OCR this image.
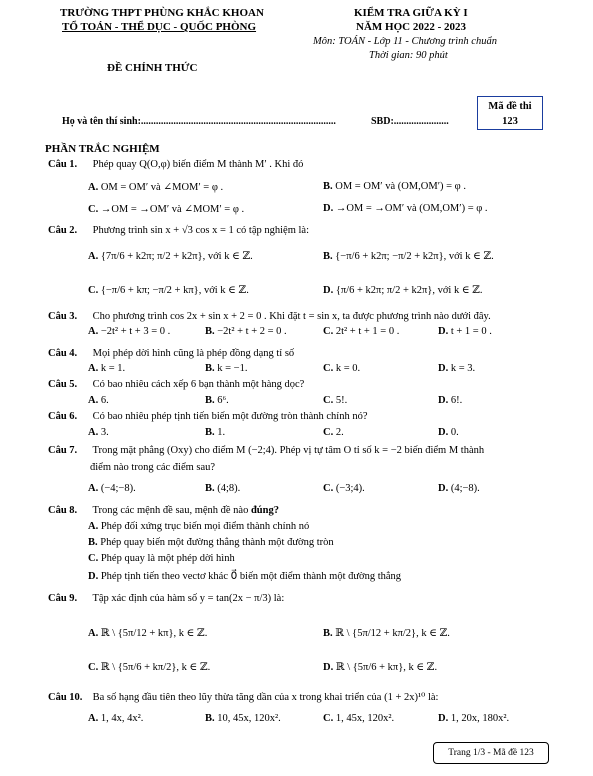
TRƯỜNG THPT PHÙNG KHẮC KHOAN
TỔ TOÁN - THỂ DỤC - QUỐC PHÒNG
ĐỀ CHÍNH THỨC
KIỂM TRA GIỮA KỲ I
NĂM HỌC 2022 - 2023
Môn: TOÁN - Lớp 11 - Chương trình chuẩn
Thời gian: 90 phút
Mã đề thi
123
Họ và tên thí sinh:..............................................................................	SBD:......................
PHẦN TRẮC NGHIỆM
Câu 1. Phép quay Q(O,φ) biến điểm M thành M′ . Khi đó
A. OM = OM′ và ∠MOM′ = φ .	B. OM = OM′ và (OM,OM′) = φ .
C. →OM = →OM′ và ∠MOM′ = φ .	D. →OM = →OM′ và (OM,OM′) = φ .
Câu 2. Phương trình sin x + √3 cos x = 1 có tập nghiệm là:
A. {7π/6 + k2π; π/2 + k2π}, với k ∈ ℤ.	B. {−π/6 + k2π; −π/2 + k2π}, với k ∈ ℤ.
C. {−π/6 + kπ; −π/2 + kπ}, với k ∈ ℤ.	D. {π/6 + k2π; π/2 + k2π}, với k ∈ ℤ.
Câu 3. Cho phương trình cos 2x + sin x + 2 = 0 . Khi đặt t = sin x, ta được phương trình nào dưới đây.
A. −2t² + t + 3 = 0 .	B. −2t² + t + 2 = 0 .	C. 2t² + t + 1 = 0 .	D. t + 1 = 0 .
Câu 4. Mọi phép dời hình cũng là phép đồng dạng tỉ số
A. k = 1.	B. k = −1.	C. k = 0.	D. k = 3.
Câu 5. Có bao nhiêu cách xếp 6 bạn thành một hàng dọc?
A. 6.	B. 6⁶.	C. 5!.	D. 6!.
Câu 6. Có bao nhiêu phép tịnh tiến biến một đường tròn thành chính nó?
A. 3.	B. 1.	C. 2.	D. 0.
Câu 7. Trong mặt phẳng (Oxy) cho điểm M (−2;4). Phép vị tự tâm O tỉ số k = −2 biến điểm M thành
điểm nào trong các điểm sau?
A. (−4;−8).	B. (4;8).	C. (−3;4).	D. (4;−8).
Câu 8. Trong các mệnh đề sau, mệnh đề nào đúng?
A. Phép đối xứng trục biến mọi điểm thành chính nó
B. Phép quay biến một đường thẳng thành một đường tròn
C. Phép quay là một phép dời hình
D. Phép tịnh tiến theo vectơ khác 0⃗ biến một điểm thành một đường thẳng
Câu 9. Tập xác định của hàm số y = tan(2x − π/3) là:
A. ℝ \ {5π/12 + kπ}, k ∈ ℤ.	B. ℝ \ {5π/12 + kπ/2}, k ∈ ℤ.
C. ℝ \ {5π/6 + kπ/2}, k ∈ ℤ.	D. ℝ \ {5π/6 + kπ}, k ∈ ℤ.
Câu 10. Ba số hạng đầu tiên theo lũy thừa tăng dần của x trong khai triển của (1 + 2x)¹⁰ là:
A. 1, 4x, 4x².	B. 10, 45x, 120x².	C. 1, 45x, 120x².	D. 1, 20x, 180x².
Trang 1/3 - Mã đề 123
